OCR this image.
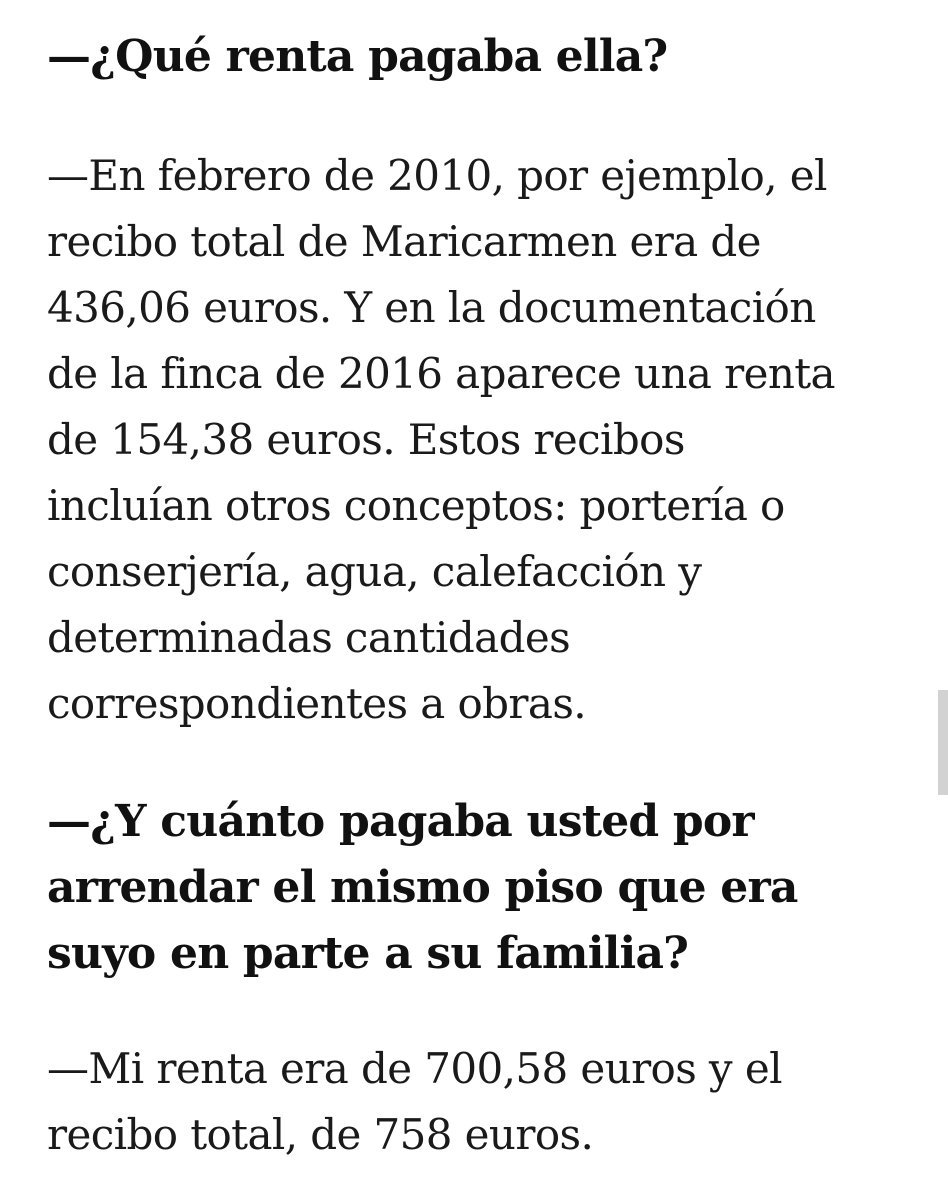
—¿Qué renta pagaba ella?

—En febrero de 2010, por ejemplo, el
recibo total de Maricarmen era de
436,06 euros. Y en la documentación
de la finca de 2016 aparece una renta
de 154,38 euros. Estos recibos
incluían otros conceptos: portería o
conserjería, agua, calefacción y
determinadas cantidades
correspondientes a obras.

—¿Y cuánto pagaba usted por
arrendar el mismo piso que era
suyo en parte a su familia?

—Mi renta era de 700,58 euros y el
recibo total, de 758 euros.
